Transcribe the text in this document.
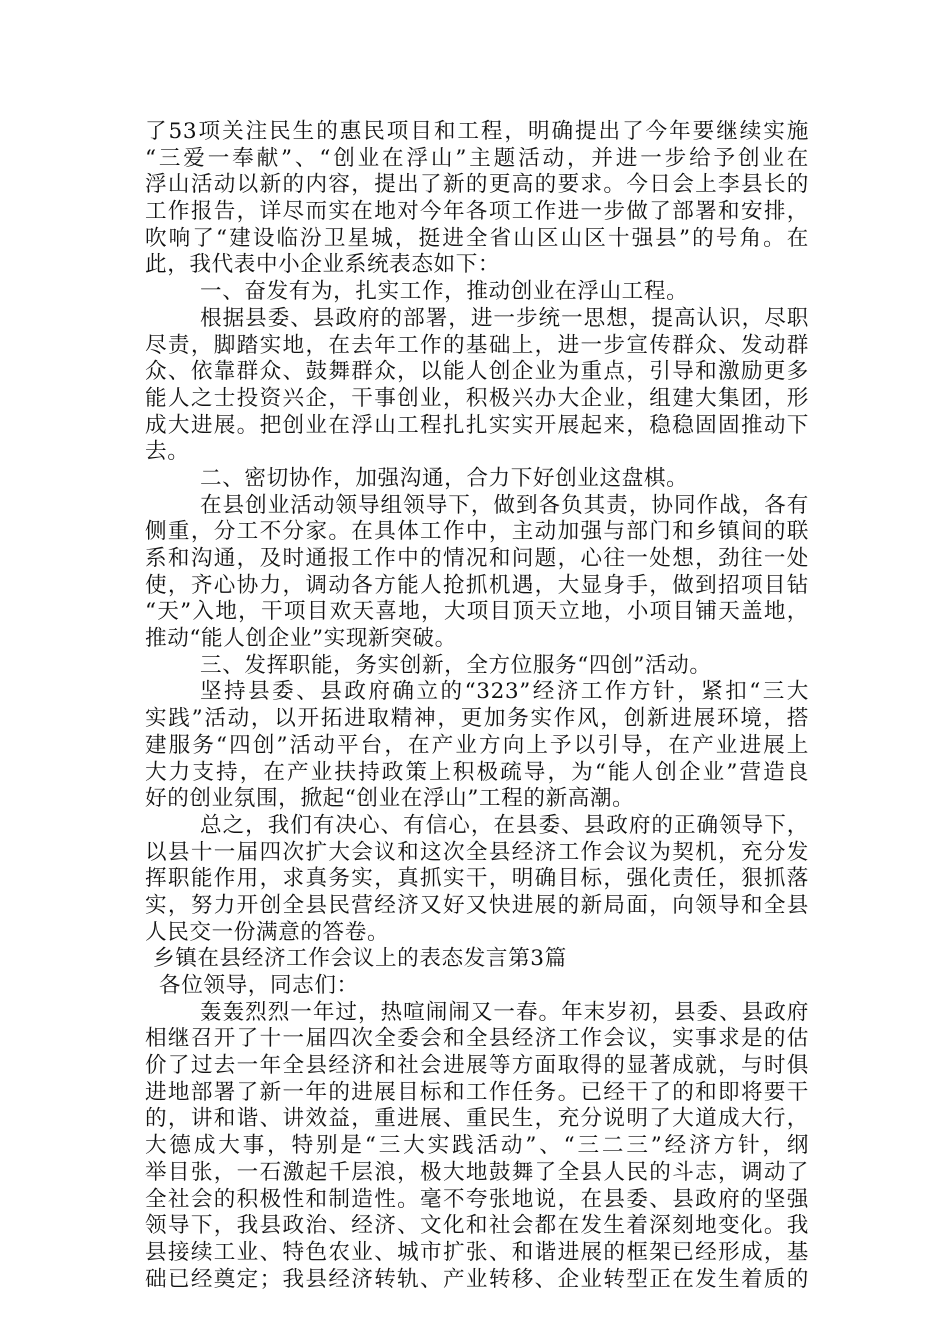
了53项关注民生的惠民项目和工程，明确提出了今年要继续实施
“三爱一奉献”、“创业在浮山”主题活动，并进一步给予创业在
浮山活动以新的内容，提出了新的更高的要求。今日会上李县长的
工作报告，详尽而实在地对今年各项工作进一步做了部署和安排，
吹响了“建设临汾卫星城，挺进全省山区山区十强县”的号角。在
此，我代表中小企业系统表态如下：
一、奋发有为，扎实工作，推动创业在浮山工程。
根据县委、县政府的部署，进一步统一思想，提高认识，尽职
尽责，脚踏实地，在去年工作的基础上，进一步宣传群众、发动群
众、依靠群众、鼓舞群众，以能人创企业为重点，引导和激励更多
能人之士投资兴企，干事创业，积极兴办大企业，组建大集团，形
成大进展。把创业在浮山工程扎扎实实开展起来，稳稳固固推动下
去。
二、密切协作，加强沟通，合力下好创业这盘棋。
在县创业活动领导组领导下，做到各负其责，协同作战，各有
侧重，分工不分家。在具体工作中，主动加强与部门和乡镇间的联
系和沟通，及时通报工作中的情况和问题，心往一处想，劲往一处
使，齐心协力，调动各方能人抢抓机遇，大显身手，做到招项目钻
“天”入地，干项目欢天喜地，大项目顶天立地，小项目铺天盖地，
推动“能人创企业”实现新突破。
三、发挥职能，务实创新，全方位服务“四创”活动。
坚持县委、县政府确立的“323”经济工作方针，紧扣“三大
实践”活动，以开拓进取精神，更加务实作风，创新进展环境，搭
建服务“四创”活动平台，在产业方向上予以引导，在产业进展上
大力支持，在产业扶持政策上积极疏导，为“能人创企业”营造良
好的创业氛围，掀起“创业在浮山”工程的新高潮。
总之，我们有决心、有信心，在县委、县政府的正确领导下，
以县十一届四次扩大会议和这次全县经济工作会议为契机，充分发
挥职能作用，求真务实，真抓实干，明确目标，强化责任，狠抓落
实，努力开创全县民营经济又好又快进展的新局面，向领导和全县
人民交一份满意的答卷。
乡镇在县经济工作会议上的表态发言第3篇
各位领导，同志们：
轰轰烈烈一年过，热喧闹闹又一春。年末岁初，县委、县政府
相继召开了十一届四次全委会和全县经济工作会议，实事求是的估
价了过去一年全县经济和社会进展等方面取得的显著成就，与时俱
进地部署了新一年的进展目标和工作任务。已经干了的和即将要干
的，讲和谐、讲效益，重进展、重民生，充分说明了大道成大行，
大德成大事，特别是“三大实践活动”、“三二三”经济方针，纲
举目张，一石激起千层浪，极大地鼓舞了全县人民的斗志，调动了
全社会的积极性和制造性。毫不夸张地说，在县委、县政府的坚强
领导下，我县政治、经济、文化和社会都在发生着深刻地变化。我
县接续工业、特色农业、城市扩张、和谐进展的框架已经形成，基
础已经奠定；我县经济转轨、产业转移、企业转型正在发生着质的
